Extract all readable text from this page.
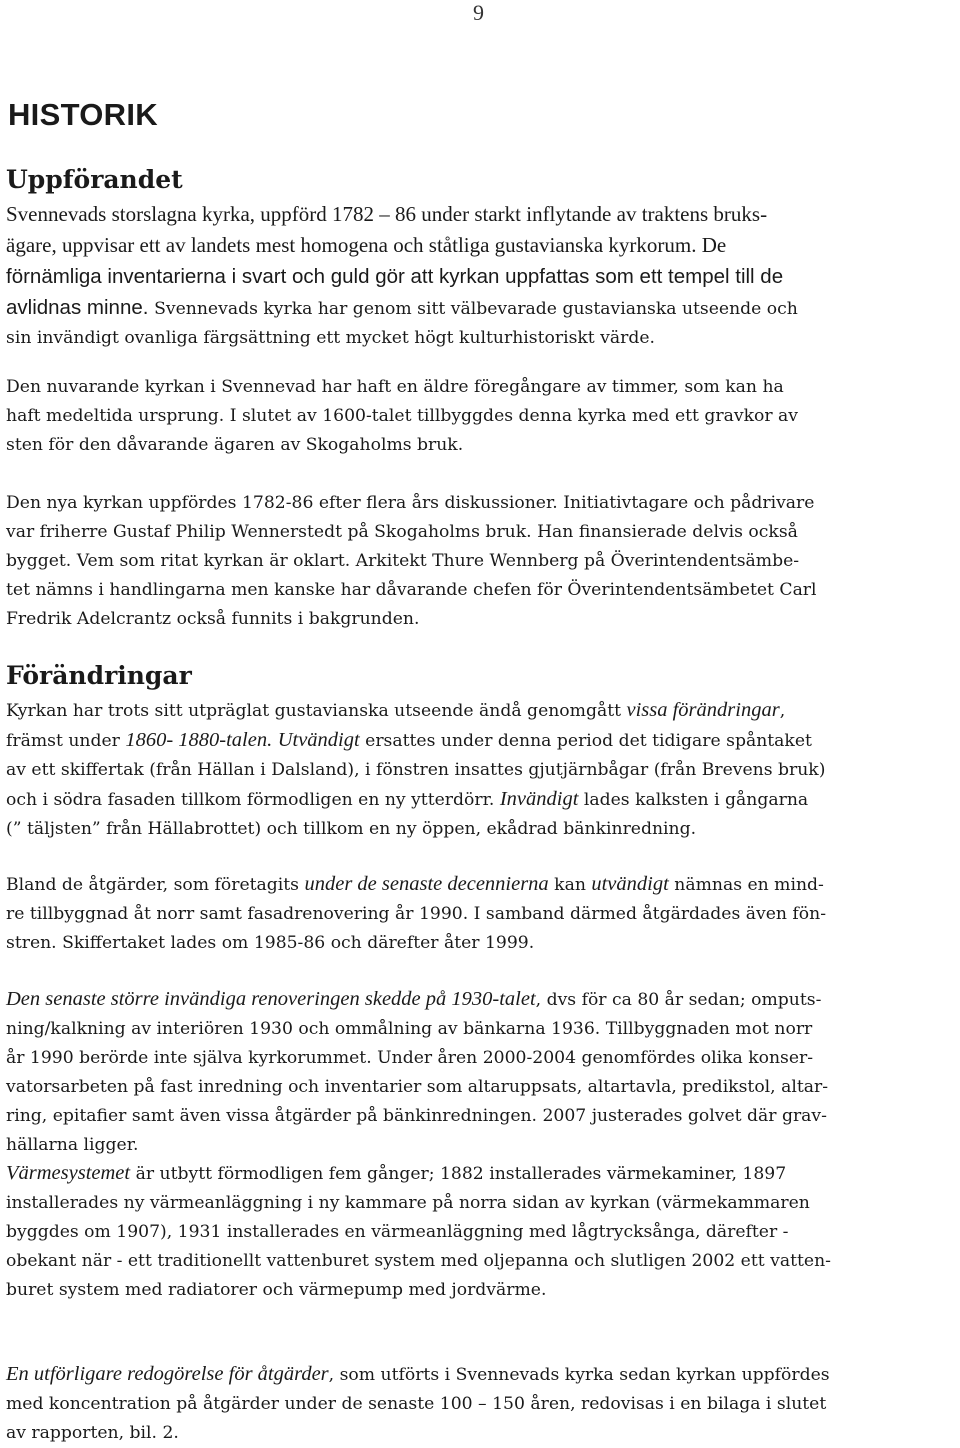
9
HISTORIK
Uppförandet
Svennevads storslagna kyrka, uppförd 1782 – 86 under starkt inflytande av traktens bruks-
ägare, uppvisar ett av landets mest homogena och ståtliga gustavianska kyrkorum. De
förnämliga inventarierna i svart och guld gör att kyrkan uppfattas som ett tempel till de
avlidnas minne. Svennevads kyrka har genom sitt välbevarade gustavianska utseende och
sin invändigt ovanliga färgsättning ett mycket högt kulturhistoriskt värde.
Den nuvarande kyrkan i Svennevad har haft en äldre föregångare av timmer, som kan ha
haft medeltida ursprung. I slutet av 1600-talet tillbyggdes denna kyrka med ett gravkor av
sten för den dåvarande ägaren av Skogaholms bruk.
Den nya kyrkan uppfördes 1782-86 efter flera års diskussioner. Initiativtagare och pådrivare
var friherre Gustaf Philip Wennerstedt på Skogaholms bruk. Han finansierade delvis också
bygget. Vem som ritat kyrkan är oklart. Arkitekt Thure Wennberg på Överintendentsämbe-
tet nämns i handlingarna men kanske har dåvarande chefen för Överintendentsämbetet Carl
Fredrik Adelcrantz också funnits i bakgrunden.
Förändringar
Kyrkan har trots sitt utpräglat gustavianska utseende ändå genomgått vissa förändringar,
främst under 1860- 1880-talen. Utvändigt ersattes under denna period det tidigare spåntaket
av ett skiffertak (från Hällan i Dalsland), i fönstren insattes gjutjärnbågar (från Brevens bruk)
och i södra fasaden tillkom förmodligen en ny ytterdörr. Invändigt lades kalksten i gångarna
(” täljsten” från Hällabrottet) och tillkom en ny öppen, ekådrad bänkinredning.
Bland de åtgärder, som företagits under de senaste decennierna kan utvändigt nämnas en mind-
re tillbyggnad åt norr samt fasadrenovering år 1990. I samband därmed åtgärdades även fön-
stren. Skiffertaket lades om 1985-86 och därefter åter 1999.
Den senaste större invändiga renoveringen skedde på 1930-talet, dvs för ca 80 år sedan; omputs-
ning/kalkning av interiören 1930 och ommålning av bänkarna 1936. Tillbyggnaden mot norr
år 1990 berörde inte själva kyrkorummet. Under åren 2000-2004 genomfördes olika konser-
vatorsarbeten på fast inredning och inventarier som altaruppsats, altartavla, predikstol, altar-
ring, epitafier samt även vissa åtgärder på bänkinredningen. 2007 justerades golvet där grav-
hällarna ligger.
Värmesystemet är utbytt förmodligen fem gånger; 1882 installerades värmekaminer, 1897
installerades ny värmeanläggning i ny kammare på norra sidan av kyrkan (värmekammaren
byggdes om 1907), 1931 installerades en värmeanläggning med lågtrycksånga, därefter -
obekant när - ett traditionellt vattenburet system med oljepanna och slutligen 2002 ett vatten-
buret system med radiatorer och värmepump med jordvärme.
En utförligare redogörelse för åtgärder, som utförts i Svennevads kyrka sedan kyrkan uppfördes
med koncentration på åtgärder under de senaste 100 – 150 åren, redovisas i en bilaga i slutet
av rapporten, bil. 2.
